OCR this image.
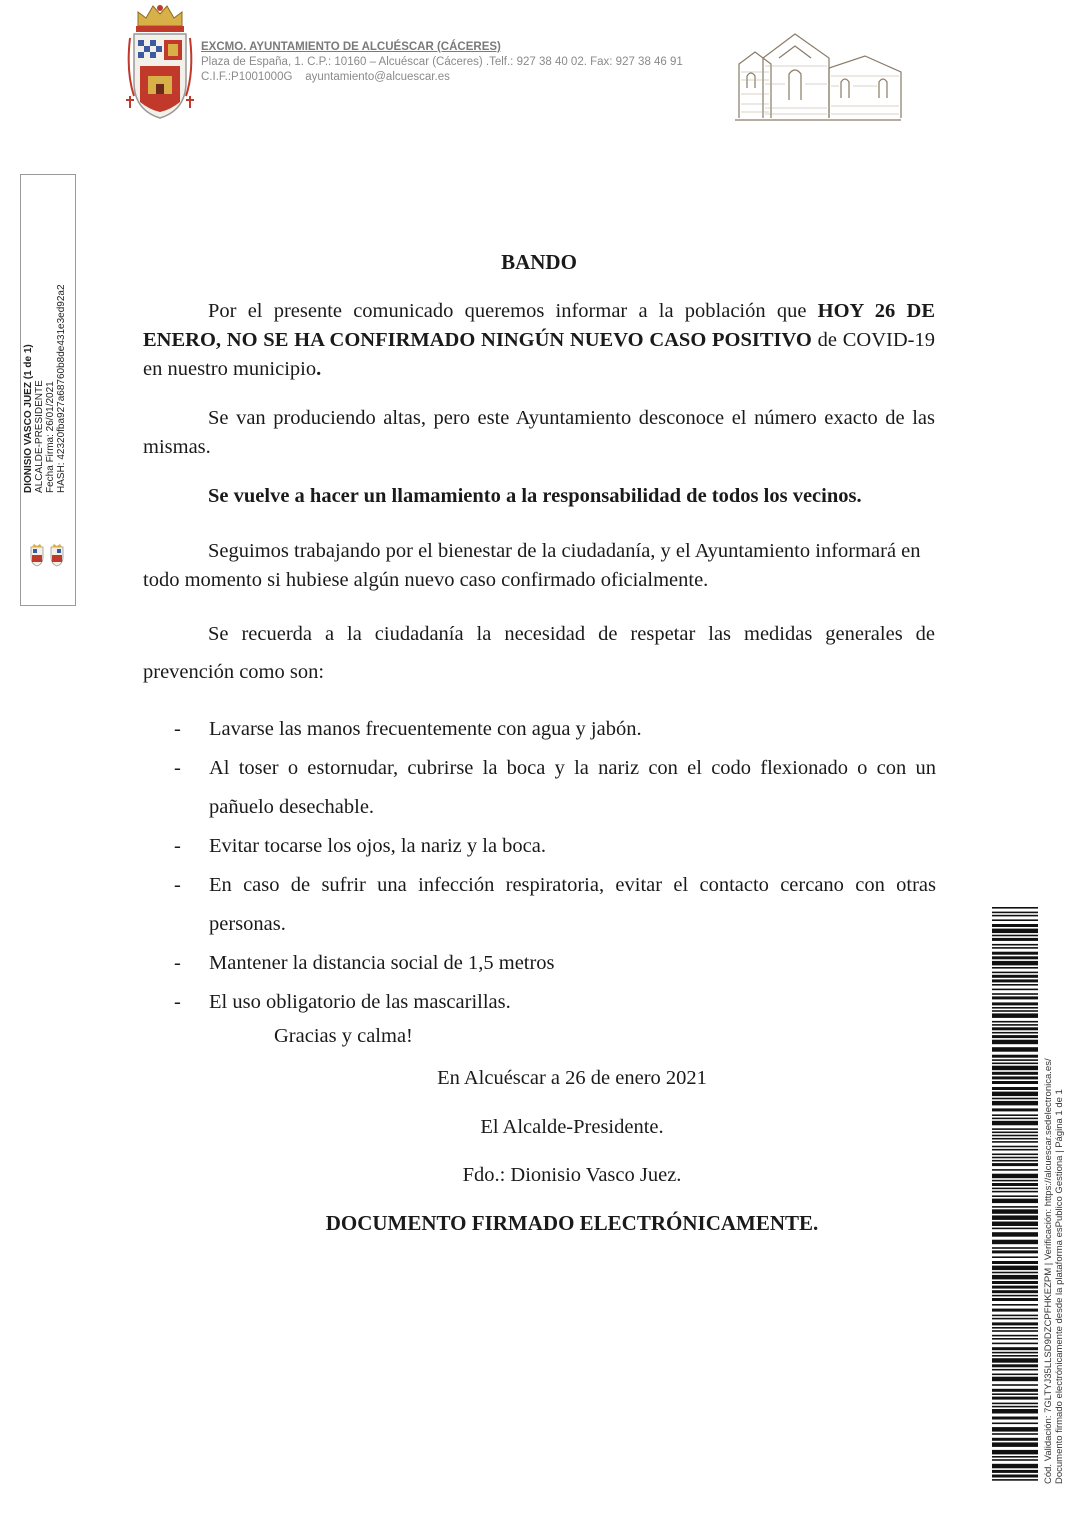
EXCMO. AYUNTAMIENTO DE ALCUÉSCAR (CÁCERES)
Plaza de España, 1. C.P.: 10160 – Alcuéscar (Cáceres) .Telf.: 927 38 40 02. Fax: 927 38 46 91
C.I.F.:P1001000G ayuntamiento@alcuescar.es
DIONISIO VASCO JUEZ (1 de 1) ALCALDE-PRESIDENTE Fecha Firma: 26/01/2021 HASH: 42320fba927a68760b8de431e3ed92a2
Cód. Validación: 7GLTYJ35LLSD9DZCPFHKEZPM | Verificación: https://alcuescar.sedelectronica.es/ Documento firmado electrónicamente desde la plataforma esPublico Gestiona | Página 1 de 1
BANDO
Por el presente comunicado queremos informar a la población que HOY 26 DE ENERO, NO SE HA CONFIRMADO NINGÚN NUEVO CASO POSITIVO de COVID-19 en nuestro municipio.
Se van produciendo altas, pero este Ayuntamiento desconoce el número exacto de las mismas.
Se vuelve a hacer un llamamiento a la responsabilidad de todos los vecinos.
Seguimos trabajando por el bienestar de la ciudadanía, y el Ayuntamiento informará en todo momento si hubiese algún nuevo caso confirmado oficialmente.
Se recuerda a la ciudadanía la necesidad de respetar las medidas generales de prevención como son:
-	Lavarse las manos frecuentemente con agua y jabón.
-	Al toser o estornudar, cubrirse la boca y la nariz con el codo flexionado o con un pañuelo desechable.
-	Evitar tocarse los ojos, la nariz y la boca.
-	En caso de sufrir una infección respiratoria, evitar el contacto cercano con otras personas.
-	Mantener la distancia social de 1,5 metros
-	El uso obligatorio de las mascarillas.
Gracias y calma!
En Alcuéscar a 26 de enero 2021
El Alcalde-Presidente.
Fdo.: Dionisio Vasco Juez.
DOCUMENTO FIRMADO ELECTRÓNICAMENTE.
